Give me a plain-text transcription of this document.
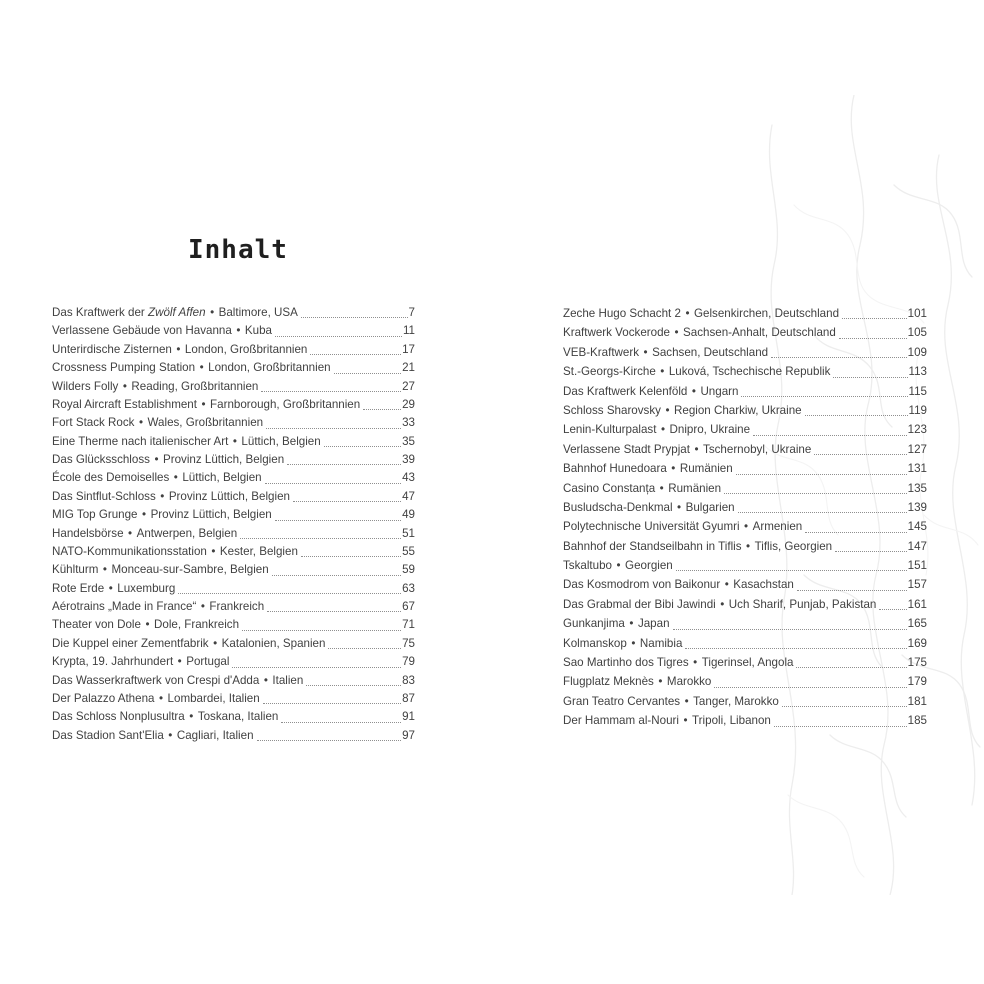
Inhalt
Das Kraftwerk der Zwölf Affen • Baltimore, USA	7
Verlassene Gebäude von Havanna • Kuba	11
Unterirdische Zisternen • London, Großbritannien	17
Crossness Pumping Station • London, Großbritannien	21
Wilders Folly • Reading, Großbritannien	27
Royal Aircraft Establishment • Farnborough, Großbritannien	29
Fort Stack Rock • Wales, Großbritannien	33
Eine Therme nach italienischer Art • Lüttich, Belgien	35
Das Glücksschloss • Provinz Lüttich, Belgien	39
École des Demoiselles • Lüttich, Belgien	43
Das Sintflut-Schloss • Provinz Lüttich, Belgien	47
MIG Top Grunge • Provinz Lüttich, Belgien	49
Handelsbörse • Antwerpen, Belgien	51
NATO-Kommunikationsstation • Kester, Belgien	55
Kühlturm • Monceau-sur-Sambre, Belgien	59
Rote Erde • Luxemburg	63
Aérotrains „Made in France“ • Frankreich	67
Theater von Dole • Dole, Frankreich	71
Die Kuppel einer Zementfabrik • Katalonien, Spanien	75
Krypta, 19. Jahrhundert • Portugal	79
Das Wasserkraftwerk von Crespi d'Adda • Italien	83
Der Palazzo Athena • Lombardei, Italien	87
Das Schloss Nonplusultra • Toskana, Italien	91
Das Stadion Sant'Elia • Cagliari, Italien	97
Zeche Hugo Schacht 2 • Gelsenkirchen, Deutschland	101
Kraftwerk Vockerode • Sachsen-Anhalt, Deutschland	105
VEB-Kraftwerk • Sachsen, Deutschland	109
St.-Georgs-Kirche • Luková, Tschechische Republik	113
Das Kraftwerk Kelenföld • Ungarn	115
Schloss Sharovsky • Region Charkiw, Ukraine	119
Lenin-Kulturpalast • Dnipro, Ukraine	123
Verlassene Stadt Prypjat • Tschernobyl, Ukraine	127
Bahnhof Hunedoara • Rumänien	131
Casino Constanța • Rumänien	135
Busludscha-Denkmal • Bulgarien	139
Polytechnische Universität Gyumri • Armenien	145
Bahnhof der Standseilbahn in Tiflis • Tiflis, Georgien	147
Tskaltubo • Georgien	151
Das Kosmodrom von Baikonur • Kasachstan	157
Das Grabmal der Bibi Jawindi • Uch Sharif, Punjab, Pakistan	161
Gunkanjima • Japan	165
Kolmanskop • Namibia	169
Sao Martinho dos Tigres • Tigerinsel, Angola	175
Flugplatz Meknès • Marokko	179
Gran Teatro Cervantes • Tanger, Marokko	181
Der Hammam al-Nouri • Tripoli, Libanon	185
